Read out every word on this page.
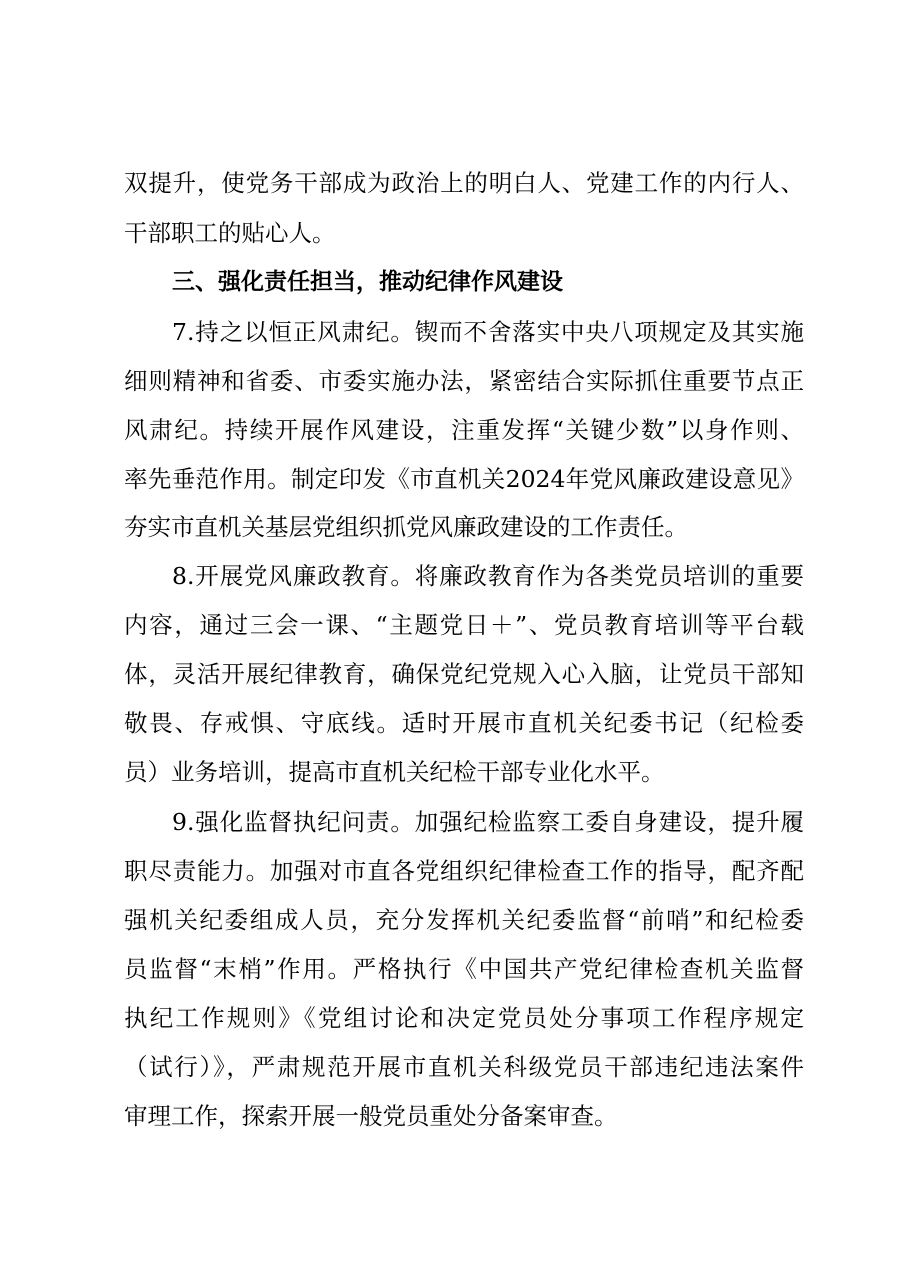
双提升，使党务干部成为政治上的明白人、党建工作的内行人、
干部职工的贴心人。
三、强化责任担当，推动纪律作风建设
7.持之以恒正风肃纪。锲而不舍落实中央八项规定及其实施
细则精神和省委、市委实施办法，紧密结合实际抓住重要节点正
风肃纪。持续开展作风建设，注重发挥“关键少数”以身作则、
率先垂范作用。制定印发《市直机关2024年党风廉政建设意见》
夯实市直机关基层党组织抓党风廉政建设的工作责任。
8.开展党风廉政教育。将廉政教育作为各类党员培训的重要
内容，通过三会一课、“主题党日＋”、党员教育培训等平台载
体，灵活开展纪律教育，确保党纪党规入心入脑，让党员干部知
敬畏、存戒惧、守底线。适时开展市直机关纪委书记（纪检委
员）业务培训，提高市直机关纪检干部专业化水平。
9.强化监督执纪问责。加强纪检监察工委自身建设，提升履
职尽责能力。加强对市直各党组织纪律检查工作的指导，配齐配
强机关纪委组成人员，充分发挥机关纪委监督“前哨”和纪检委
员监督“末梢”作用。严格执行《中国共产党纪律检查机关监督
执纪工作规则》《党组讨论和决定党员处分事项工作程序规定
（试行）》，严肃规范开展市直机关科级党员干部违纪违法案件
审理工作，探索开展一般党员重处分备案审查。
